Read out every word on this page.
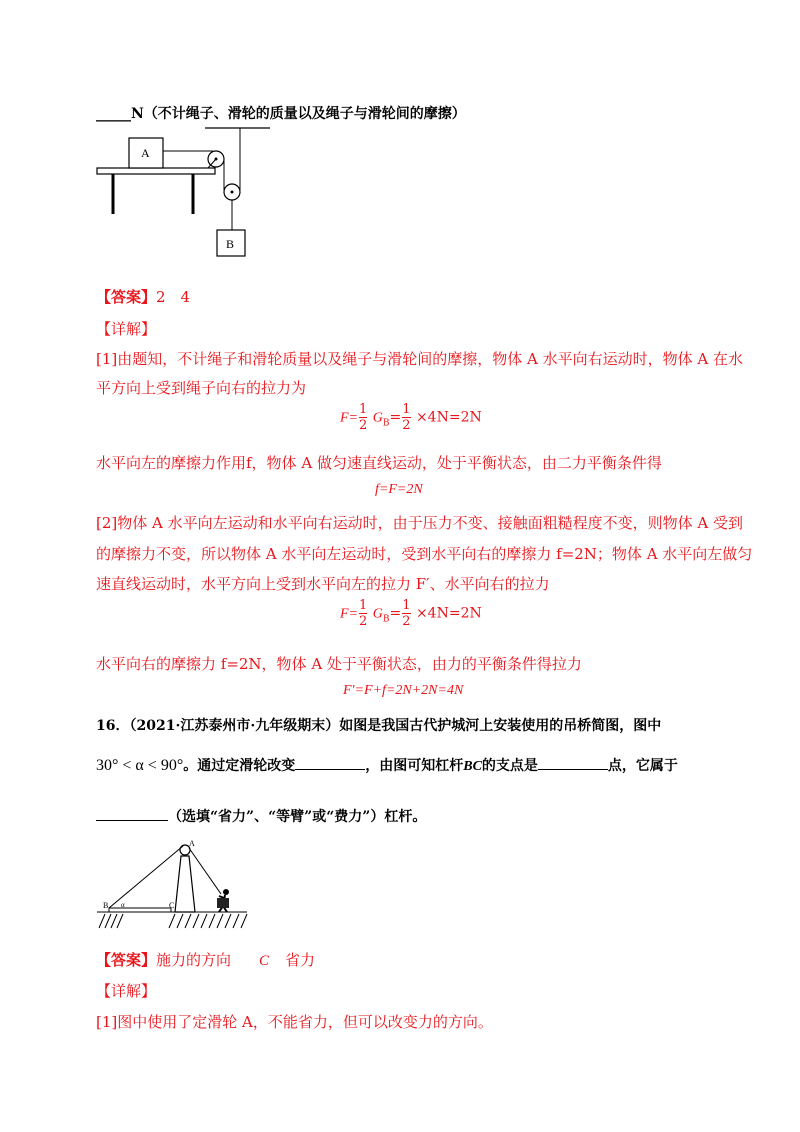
_____N（不计绳子、滑轮的质量以及绳子与滑轮间的摩擦）
A
B
【答案】2　4
【详解】
[1]由题知，不计绳子和滑轮质量以及绳子与滑轮间的摩擦，物体 A 水平向右运动时，物体 A 在水
平方向上受到绳子向右的拉力为
$F= \frac{1}{2} G_B= \frac{1}{2} \times 4N=2N$
水平向左的摩擦力作用f，物体 A 做匀速直线运动，处于平衡状态，由二力平衡条件得
f=F=2N
[2]物体 A 水平向左运动和水平向右运动时，由于压力不变、接触面粗糙程度不变，则物体 A 受到
的摩擦力不变，所以物体 A 水平向左运动时，受到水平向右的摩擦力 f=2N；物体 A 水平向左做匀
速直线运动时，水平方向上受到水平向左的拉力 F′、水平向右的拉力
$F= \frac{1}{2} G_B= \frac{1}{2} \times 4N=2N$
水平向右的摩擦力 f=2N，物体 A 处于平衡状态，由力的平衡条件得拉力
F′=F+f=2N+2N=4N
16．（2021·江苏泰州市·九年级期末）如图是我国古代护城河上安装使用的吊桥简图，图中
30° < α < 90°。通过定滑轮改变	，由图可知杠杆BC的支点是	点，它属于
（选填“省力”、“等臂”或“费力”）杠杆。
A
B	C
α
【答案】施力的方向 C 省力
【详解】
[1]图中使用了定滑轮 A，不能省力，但可以改变力的方向。
